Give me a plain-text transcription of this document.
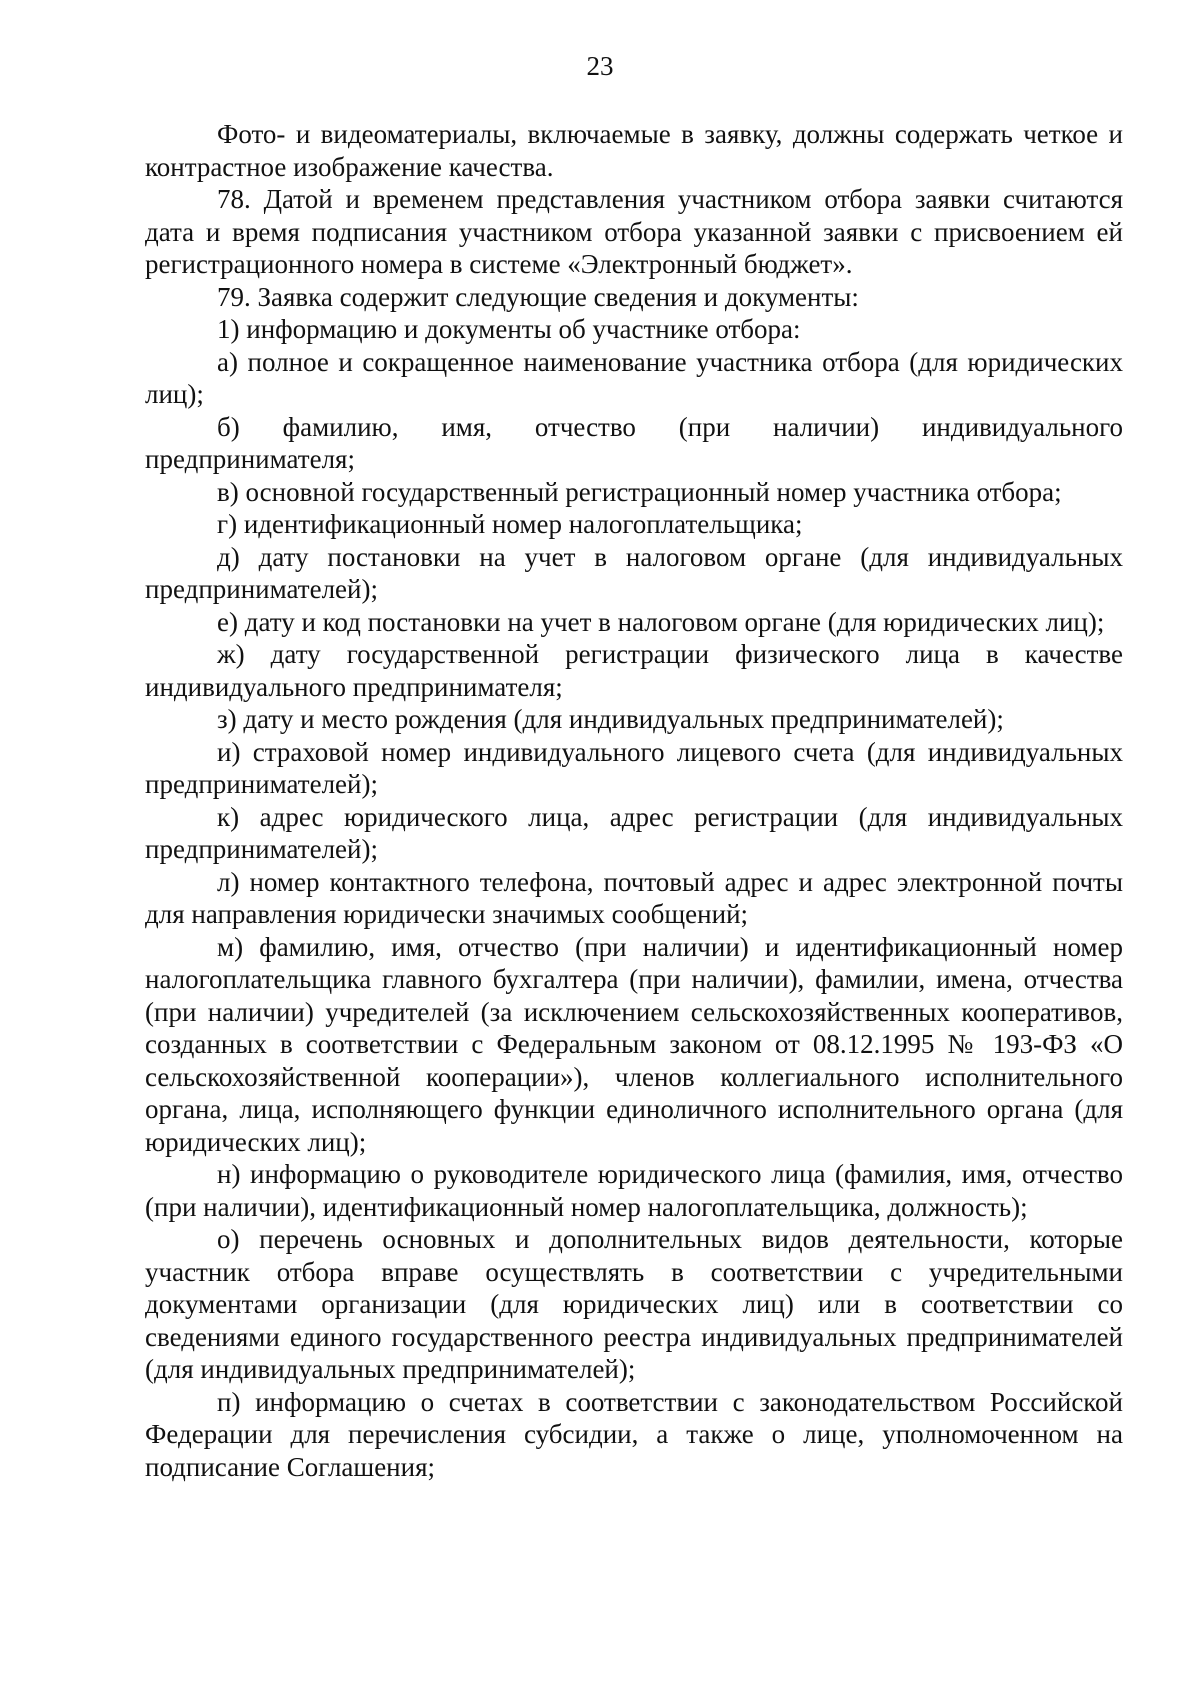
23

Фото- и видеоматериалы, включаемые в заявку, должны содержать четкое и контрастное изображение качества.

78. Датой и временем представления участником отбора заявки считаются дата и время подписания участником отбора указанной заявки с присвоением ей регистрационного номера в системе «Электронный бюджет».

79. Заявка содержит следующие сведения и документы:

1) информацию и документы об участнике отбора:

а) полное и сокращенное наименование участника отбора (для юридических лиц);

б) фамилию, имя, отчество (при наличии) индивидуального предпринимателя;

в) основной государственный регистрационный номер участника отбора;

г) идентификационный номер налогоплательщика;

д) дату постановки на учет в налоговом органе (для индивидуальных предпринимателей);

е) дату и код постановки на учет в налоговом органе (для юридических лиц);

ж) дату государственной регистрации физического лица в качестве индивидуального предпринимателя;

з) дату и место рождения (для индивидуальных предпринимателей);

и) страховой номер индивидуального лицевого счета (для индивидуальных предпринимателей);

к) адрес юридического лица, адрес регистрации (для индивидуальных предпринимателей);

л) номер контактного телефона, почтовый адрес и адрес электронной почты для направления юридически значимых сообщений;

м) фамилию, имя, отчество (при наличии) и идентификационный номер налогоплательщика главного бухгалтера (при наличии), фамилии, имена, отчества (при наличии) учредителей (за исключением сельскохозяйственных кооперативов, созданных в соответствии с Федеральным законом от 08.12.1995 № 193-ФЗ «О сельскохозяйственной кооперации»), членов коллегиального исполнительного органа, лица, исполняющего функции единоличного исполнительного органа (для юридических лиц);

н) информацию о руководителе юридического лица (фамилия, имя, отчество (при наличии), идентификационный номер налогоплательщика, должность);

о) перечень основных и дополнительных видов деятельности, которые участник отбора вправе осуществлять в соответствии с учредительными документами организации (для юридических лиц) или в соответствии со сведениями единого государственного реестра индивидуальных предпринимателей (для индивидуальных предпринимателей);

п) информацию о счетах в соответствии с законодательством Российской Федерации для перечисления субсидии, а также о лице, уполномоченном на подписание Соглашения;
